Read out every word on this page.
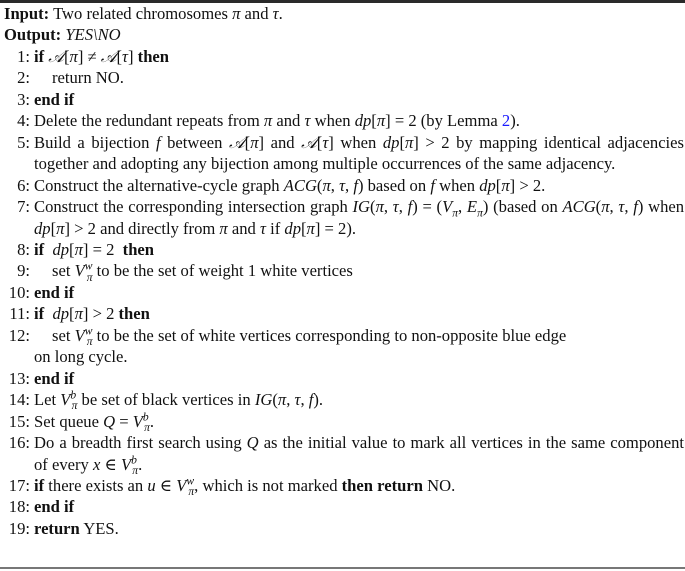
Input: Two related chromosomes π and τ.
Output: YES\NO
1: if 𝒜[π] ≠ 𝒜[τ] then
2:	return NO.
3: end if
4: Delete the redundant repeats from π and τ when dp[π] = 2 (by Lemma 2).
5: Build a bijection f between 𝒜[π] and 𝒜[τ] when dp[π] > 2 by mapping identical adjacencies together and adopting any bijection among multiple occurrences of the same adjacency.
6: Construct the alternative-cycle graph ACG(π, τ, f) based on f when dp[π] > 2.
7: Construct the corresponding intersection graph IG(π, τ, $f) = (V_\pi$, $E_\pi$) (based on ACG(π, τ, f) when dp[π] > 2 and directly from π and τ if dp[π] = 2).
8: if dp[π] = 2  then
9:	set $V^w_\pi$ to be the set of weight 1 white vertices
10: end if
11: if dp[π] > 2 then
12:	set $V^w_\pi$ to be the set of white vertices corresponding to non-opposite blue edge
on long cycle.
13: end if
14: Let $V^b_\pi$ be set of black vertices in IG(π, τ, f).
15: Set queue $Q = V^b_\pi$.
16: Do a breadth first search using Q as the initial value to mark all vertices in the same component of every x ∈ $V^b_\pi$.
17: if there exists an u ∈ $V^w_\pi$, which is not marked then return NO.
18: end if
19: return YES.
